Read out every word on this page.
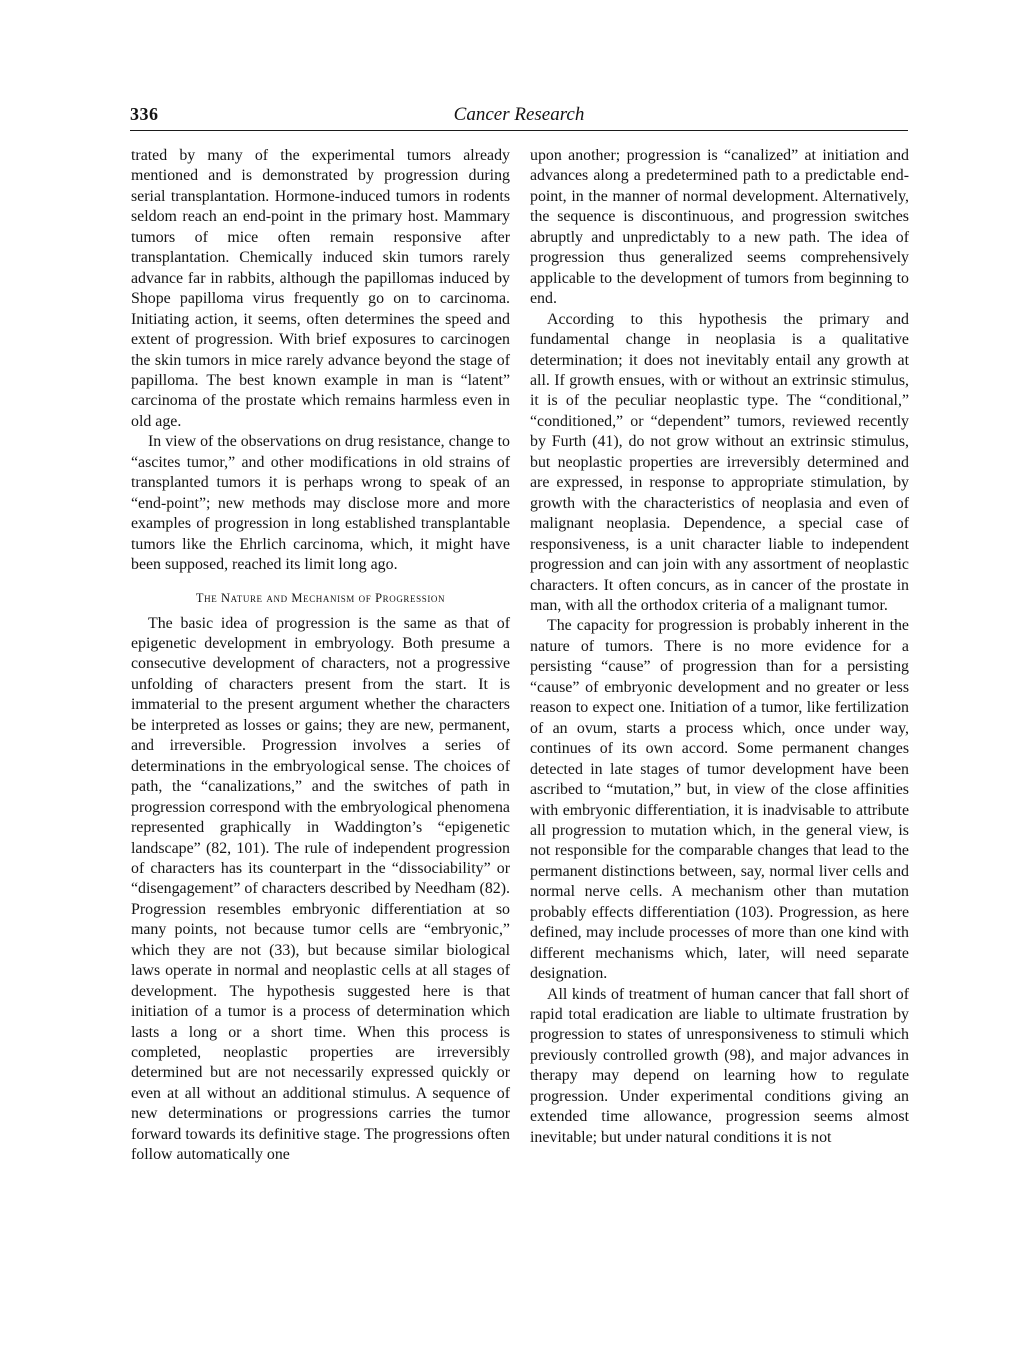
336	Cancer Research

trated by many of the experimental tumors already mentioned and is demonstrated by progression during serial transplantation. Hormone-induced tumors in rodents seldom reach an end-point in the primary host. Mammary tumors of mice often remain responsive after transplantation. Chemically induced skin tumors rarely advance far in rabbits, although the papillomas induced by Shope papilloma virus frequently go on to carcinoma. Initiating action, it seems, often determines the speed and extent of progression. With brief exposures to carcinogen the skin tumors in mice rarely advance beyond the stage of papilloma. The best known example in man is “latent” carcinoma of the prostate which remains harmless even in old age.

In view of the observations on drug resistance, change to “ascites tumor,” and other modifications in old strains of transplanted tumors it is perhaps wrong to speak of an “end-point”; new methods may disclose more and more examples of progression in long established transplantable tumors like the Ehrlich carcinoma, which, it might have been supposed, reached its limit long ago.

The Nature and Mechanism of Progression

The basic idea of progression is the same as that of epigenetic development in embryology. Both presume a consecutive development of characters, not a progressive unfolding of characters present from the start. It is immaterial to the present argument whether the characters be interpreted as losses or gains; they are new, permanent, and irreversible. Progression involves a series of determinations in the embryological sense. The choices of path, the “canalizations,” and the switches of path in progression correspond with the embryological phenomena represented graphically in Waddington’s “epigenetic landscape” (82, 101). The rule of independent progression of characters has its counterpart in the “dissociability” or “disengagement” of characters described by Needham (82). Progression resembles embryonic differentiation at so many points, not because tumor cells are “embryonic,” which they are not (33), but because similar biological laws operate in normal and neoplastic cells at all stages of development. The hypothesis suggested here is that initiation of a tumor is a process of determination which lasts a long or a short time. When this process is completed, neoplastic properties are irreversibly determined but are not necessarily expressed quickly or even at all without an additional stimulus. A sequence of new determinations or progressions carries the tumor forward towards its definitive stage. The progressions often follow automatically one

upon another; progression is “canalized” at initiation and advances along a predetermined path to a predictable end-point, in the manner of normal development. Alternatively, the sequence is discontinuous, and progression switches abruptly and unpredictably to a new path. The idea of progression thus generalized seems comprehensively applicable to the development of tumors from beginning to end.

According to this hypothesis the primary and fundamental change in neoplasia is a qualitative determination; it does not inevitably entail any growth at all. If growth ensues, with or without an extrinsic stimulus, it is of the peculiar neoplastic type. The “conditional,” “conditioned,” or “dependent” tumors, reviewed recently by Furth (41), do not grow without an extrinsic stimulus, but neoplastic properties are irreversibly determined and are expressed, in response to appropriate stimulation, by growth with the characteristics of neoplasia and even of malignant neoplasia. Dependence, a special case of responsiveness, is a unit character liable to independent progression and can join with any assortment of neoplastic characters. It often concurs, as in cancer of the prostate in man, with all the orthodox criteria of a malignant tumor.

The capacity for progression is probably inherent in the nature of tumors. There is no more evidence for a persisting “cause” of progression than for a persisting “cause” of embryonic development and no greater or less reason to expect one. Initiation of a tumor, like fertilization of an ovum, starts a process which, once under way, continues of its own accord. Some permanent changes detected in late stages of tumor development have been ascribed to “mutation,” but, in view of the close affinities with embryonic differentiation, it is inadvisable to attribute all progression to mutation which, in the general view, is not responsible for the comparable changes that lead to the permanent distinctions between, say, normal liver cells and normal nerve cells. A mechanism other than mutation probably effects differentiation (103). Progression, as here defined, may include processes of more than one kind with different mechanisms which, later, will need separate designation.

All kinds of treatment of human cancer that fall short of rapid total eradication are liable to ultimate frustration by progression to states of unresponsiveness to stimuli which previously controlled growth (98), and major advances in therapy may depend on learning how to regulate progression. Under experimental conditions giving an extended time allowance, progression seems almost inevitable; but under natural conditions it is not
